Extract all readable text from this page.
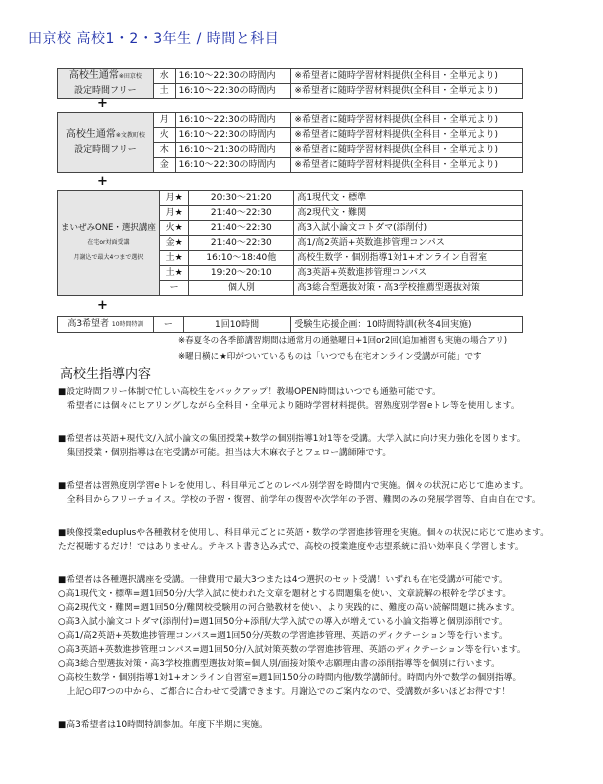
田京校 高校1・2・3年生 / 時間と科目
高校生通常※田京校
設定時間フリー	水	16:10〜22:30の時間内	※希望者に随時学習材料提供(全科目・全単元より)
	土	16:10〜22:30の時間内	※希望者に随時学習材料提供(全科目・全単元より)
+
高校生通常※文教町校
設定時間フリー	月	16:10〜22:30の時間内	※希望者に随時学習材料提供(全科目・全単元より)
	火	16:10〜22:30の時間内	※希望者に随時学習材料提供(全科目・全単元より)
	木	16:10〜21:30の時間内	※希望者に随時学習材料提供(全科目・全単元より)
	金	16:10〜22:30の時間内	※希望者に随時学習材料提供(全科目・全単元より)
+
まいぜみONE・選択講座
在宅or対面受講
月謝込で最大4つまで選択	月★	20:30〜21:20	高1現代文・標準
	月★	21:40〜22:30	高2現代文・難関
	火★	21:40〜22:30	高3入試小論文コトダマ(添削付)
	金★	21:40〜22:30	高1/高2英語+英数進捗管理コンパス
	土★	16:10〜18:40他	高校生数学・個別指導1対1+オンライン自習室
	土★	19:20〜20:10	高3英語+英数進捗管理コンパス
	ー	個人別	高3総合型選抜対策・高3学校推薦型選抜対策
+
高3希望者 10時間特訓	ー	1回10時間	受験生応援企画：10時間特訓(秋冬4回実施)
※春夏冬の各季節講習期間は通常月の通塾曜日+1回or2回(追加補習も実施の場合アリ)
※曜日横に★印がついているものは「いつでも在宅オンライン受講が可能」です
高校生指導内容

■設定時間フリー体制で忙しい高校生をバックアップ！教場OPEN時間はいつでも通塾可能です。

　希望者には個々にヒアリングしながら全科目・全単元より随時学習材料提供。習熟度別学習eトレ等を使用します。

■希望者は英語+現代文/入試小論文の集団授業+数学の個別指導1対1等を受講。大学入試に向け実力強化を図ります。

　集団授業・個別指導は在宅受講が可能。担当は大木麻衣子とフェロー講師陣です。

■希望者は習熟度別学習eトレを使用し、科目単元ごとのレベル別学習を時間内で実施。個々の状況に応じて進めます。

　全科目からフリーチョイス。学校の予習・復習、前学年の復習や次学年の予習、難関のみの発展学習等、自由自在です。

■映像授業eduplusや各種教材を使用し、科目単元ごとに英語・数学の学習進捗管理を実施。個々の状況に応じて進めます。

ただ視聴するだけ！ではありません。テキスト書き込み式で、高校の授業進度や志望系統に沿い効率良く学習します。

■希望者は各種選択講座を受講。一律費用で最大3つまたは4つ選択のセット受講！いずれも在宅受講が可能です。

○高1現代文・標準=週1回50分/大学入試に使われた文章を題材とする問題集を使い、文章読解の根幹を学びます。

○高2現代文・難関=週1回50分/難関校受験用の河合塾教材を使い、より実践的に、難度の高い読解問題に挑みます。

○高3入試小論文コトダマ(添削付)=週1回50分+添削/大学入試での導入が増えている小論文指導と個別添削です。

○高1/高2英語+英数進捗管理コンパス=週1回50分/英数の学習進捗管理、英語のディクテーション等を行います。

○高3英語+英数進捗管理コンパス=週1回50分/入試対策英数の学習進捗管理、英語のディクテーション等を行います。

○高3総合型選抜対策・高3学校推薦型選抜対策=個人別/面接対策や志願理由書の添削指導等を個別に行います。

○高校生数学・個別指導1対1+オンライン自習室=週1回150分の時間内他/数学講師付。時間内外で数学の個別指導。

　上記○印7つの中から、ご都合に合わせて受講できます。月謝込でのご案内なので、受講数が多いほどお得です！

■高3希望者は10時間特訓参加。年度下半期に実施。
